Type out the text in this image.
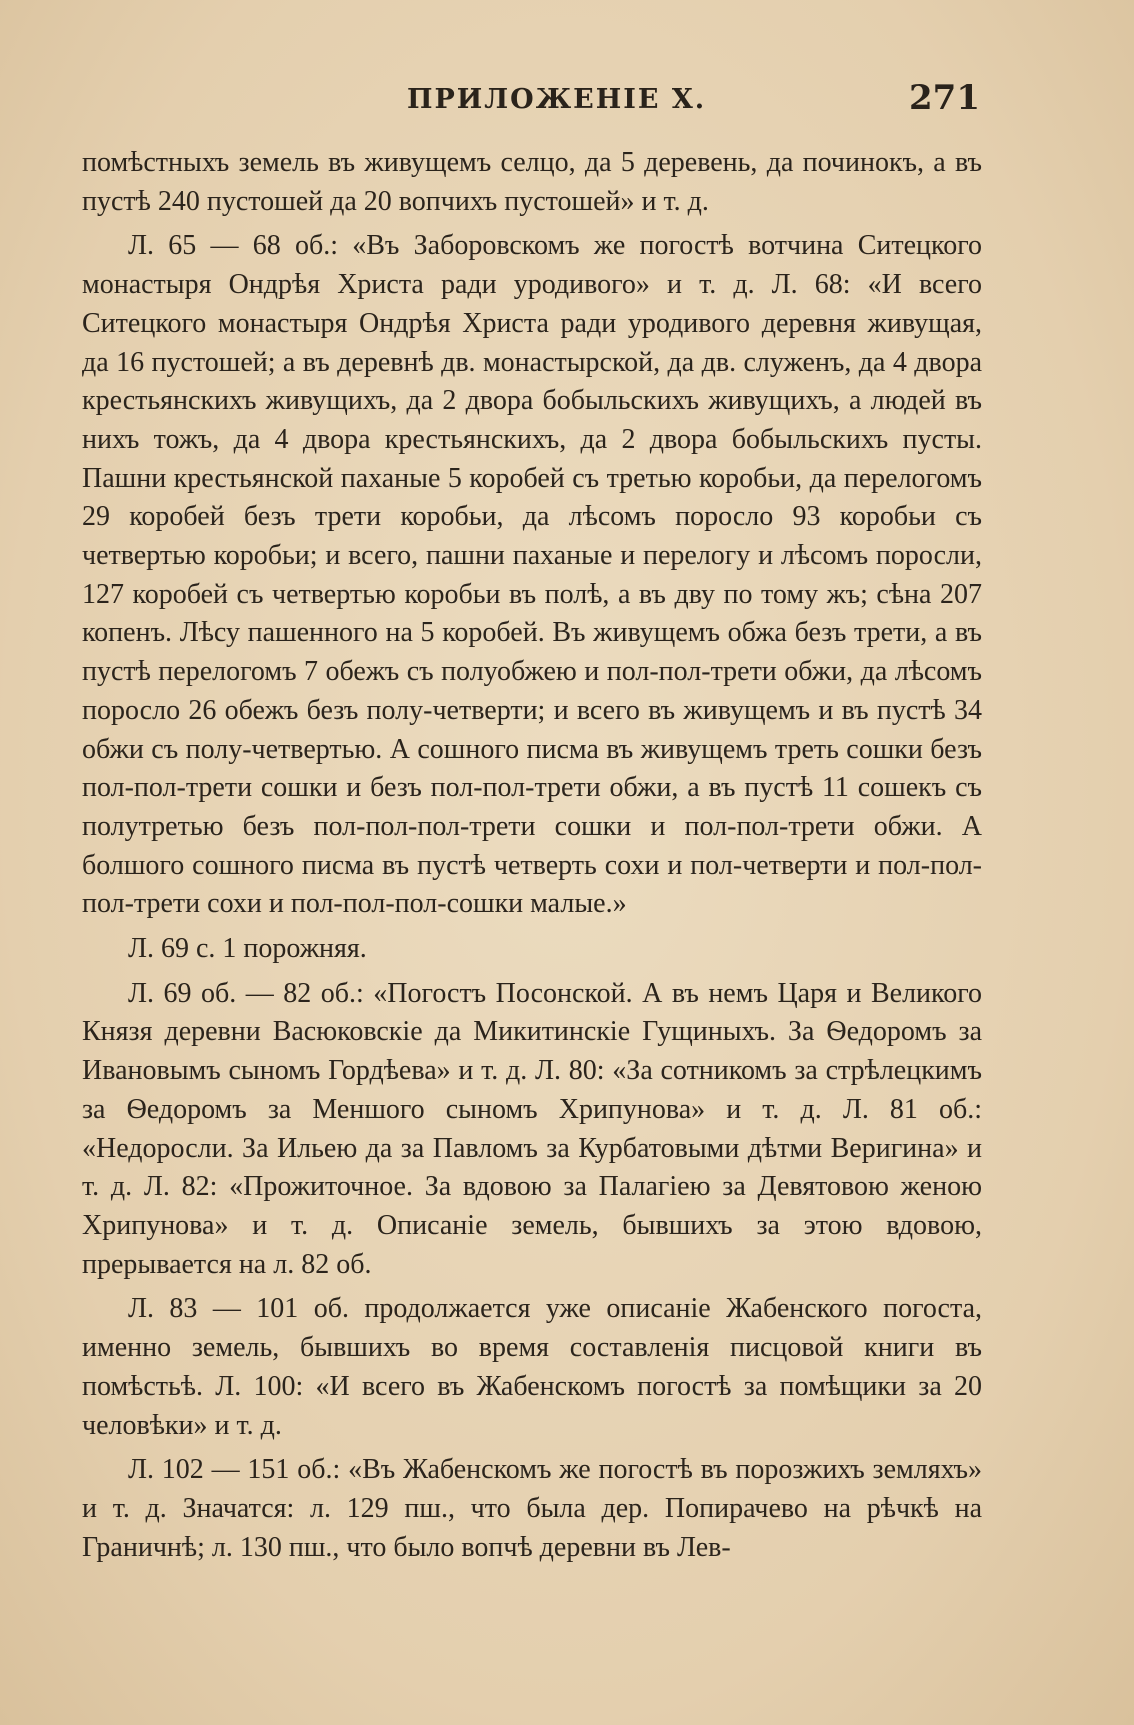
ПРИЛОЖЕНІЕ X.	271

помѣстныхъ земель въ живущемъ селцо, да 5 деревень, да починокъ, а въ пустѣ 240 пустошей да 20 вопчихъ пустошей» и т. д.

Л. 65 — 68 об.: «Въ Заборовскомъ же погостѣ вотчина Ситецкого монастыря Ондрѣя Христа ради уродивого» и т. д. Л. 68: «И всего Ситецкого монастыря Ондрѣя Христа ради уродивого деревня живущая, да 16 пустошей; а въ деревнѣ дв. монастырской, да дв. служенъ, да 4 двора крестьянскихъ живущихъ, да 2 двора бобыльскихъ живущихъ, а людей въ нихъ тожъ, да 4 двора крестьянскихъ, да 2 двора бобыльскихъ пусты. Пашни крестьянской паханые 5 коробей съ третью коробьи, да перелогомъ 29 коробей безъ трети коробьи, да лѣсомъ поросло 93 коробьи съ четвертью коробьи; и всего, пашни паханые и перелогу и лѣсомъ поросли, 127 коробей съ четвертью коробьи въ полѣ, а въ дву по тому жъ; сѣна 207 копенъ. Лѣсу пашенного на 5 коробей. Въ живущемъ обжа безъ трети, а въ пустѣ перелогомъ 7 обежъ съ полуобжею и пол-пол-трети обжи, да лѣсомъ поросло 26 обежъ безъ полу-четверти; и всего въ живущемъ и въ пустѣ 34 обжи съ полу-четвертью. А сошного писма въ живущемъ треть сошки безъ пол-пол-трети сошки и безъ пол-пол-трети обжи, а въ пустѣ 11 сошекъ съ полутретью безъ пол-пол-пол-трети сошки и пол-пол-трети обжи. А болшого сошного писма въ пустѣ четверть сохи и пол-четверти и пол-пол-пол-трети сохи и пол-пол-пол-сошки малые.»

Л. 69 с. 1 порожняя.

Л. 69 об. — 82 об.: «Погостъ Посонской. А въ немъ Царя и Великого Князя деревни Васюковскіе да Микитинскіе Гущиныхъ. За Ѳедоромъ за Ивановымъ сыномъ Гордѣева» и т. д. Л. 80: «За сотникомъ за стрѣлецкимъ за Ѳедоромъ за Меншого сыномъ Хрипунова» и т. д. Л. 81 об.: «Недоросли. За Ильею да за Павломъ за Курбатовыми дѣтми Веригина» и т. д. Л. 82: «Прожиточное. За вдовою за Палагіею за Девятовою женою Хрипунова» и т. д. Описаніе земель, бывшихъ за этою вдовою, прерывается на л. 82 об.

Л. 83 — 101 об. продолжается уже описаніе Жабенского погоста, именно земель, бывшихъ во время составленія писцовой книги въ помѣстьѣ. Л. 100: «И всего въ Жабенскомъ погостѣ за помѣщики за 20 человѣки» и т. д.

Л. 102 — 151 об.: «Въ Жабенскомъ же погостѣ въ порозжихъ земляхъ» и т. д. Значатся: л. 129 пш., что была дер. Попирачево на рѣчкѣ на Граничнѣ; л. 130 пш., что было вопчѣ деревни въ Лев-
